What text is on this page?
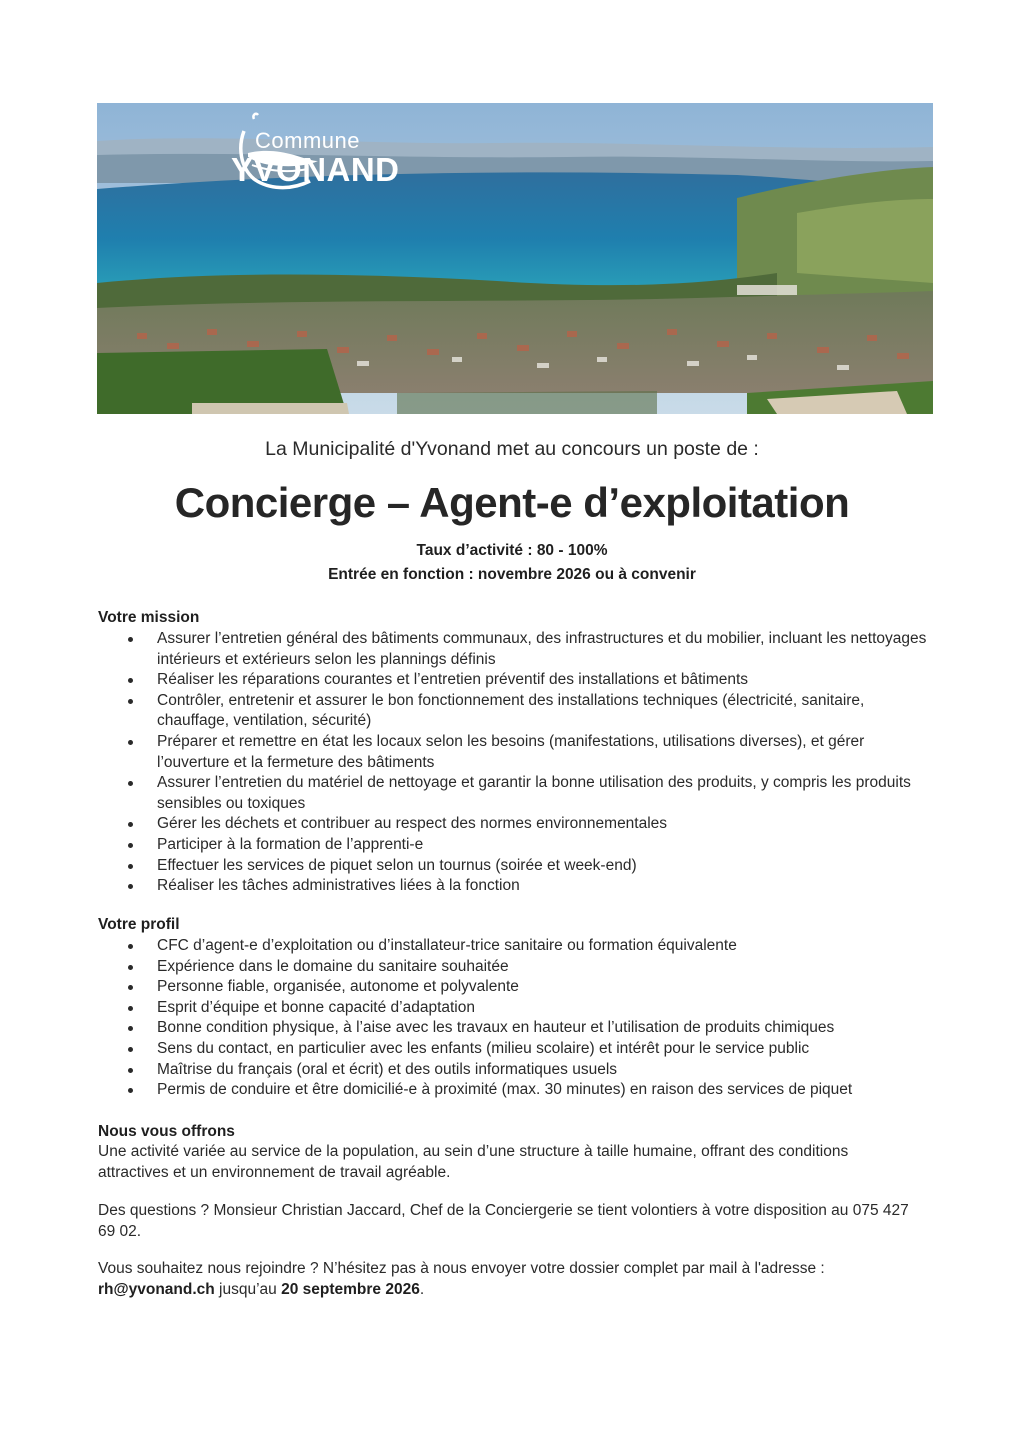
Commune
YVONAND
La Municipalité d'Yvonand met au concours un poste de :
Concierge – Agent-e d’exploitation
Taux d’activité : 80 - 100%
Entrée en fonction : novembre 2026 ou à convenir
Votre mission
Assurer l’entretien général des bâtiments communaux, des infrastructures et du mobilier, incluant les nettoyages intérieurs et extérieurs selon les plannings définis
Réaliser les réparations courantes et l’entretien préventif des installations et bâtiments
Contrôler, entretenir et assurer le bon fonctionnement des installations techniques (électricité, sanitaire, chauffage, ventilation, sécurité)
Préparer et remettre en état les locaux selon les besoins (manifestations, utilisations diverses), et gérer l’ouverture et la fermeture des bâtiments
Assurer l’entretien du matériel de nettoyage et garantir la bonne utilisation des produits, y compris les produits sensibles ou toxiques
Gérer les déchets et contribuer au respect des normes environnementales
Participer à la formation de l’apprenti-e
Effectuer les services de piquet selon un tournus (soirée et week-end)
Réaliser les tâches administratives liées à la fonction
Votre profil
CFC d’agent-e d’exploitation ou d’installateur-trice sanitaire ou formation équivalente
Expérience dans le domaine du sanitaire souhaitée
Personne fiable, organisée, autonome et polyvalente
Esprit d’équipe et bonne capacité d’adaptation
Bonne condition physique, à l’aise avec les travaux en hauteur et l’utilisation de produits chimiques
Sens du contact, en particulier avec les enfants (milieu scolaire) et intérêt pour le service public
Maîtrise du français (oral et écrit) et des outils informatiques usuels
Permis de conduire et être domicilié-e à proximité (max. 30 minutes) en raison des services de piquet
Nous vous offrons

Une activité variée au service de la population, au sein d’une structure à taille humaine, offrant des conditions attractives et un environnement de travail agréable.

Des questions ? Monsieur Christian Jaccard, Chef de la Conciergerie se tient volontiers à votre disposition au 075 427 69 02.

Vous souhaitez nous rejoindre ? N’hésitez pas à nous envoyer votre dossier complet par mail à l'adresse :
rh@yvonand.ch jusqu’au 20 septembre 2026.
